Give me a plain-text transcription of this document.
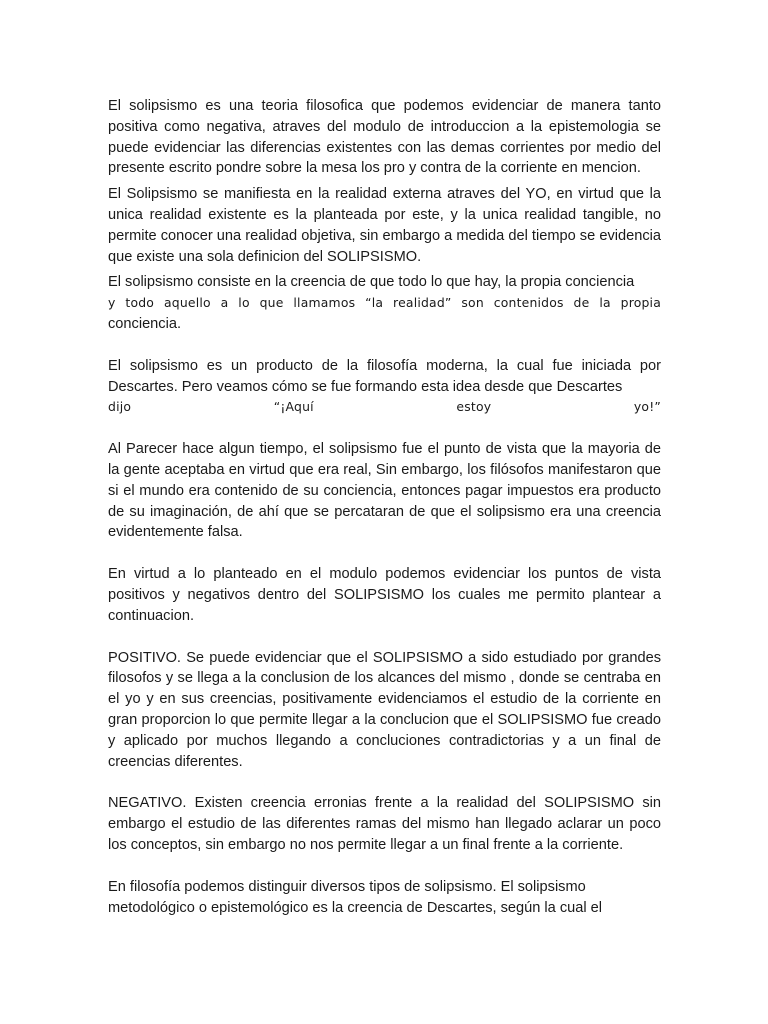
El solipsismo es una teoria filosofica que podemos evidenciar de manera tanto positiva como negativa, atraves del modulo de introduccion a la epistemologia se puede evidenciar las diferencias existentes con las demas corrientes por medio del presente escrito pondre sobre la mesa los pro y contra de la corriente en mencion.

El Solipsismo se manifiesta en la realidad externa atraves del YO, en virtud que la unica realidad existente es la planteada por este, y la unica realidad tangible, no permite conocer una realidad objetiva, sin embargo a medida del tiempo se evidencia que existe una sola definicion del SOLIPSISMO.

El solipsismo consiste en la creencia de que todo lo que hay, la propia conciencia

y todo aquello a lo que llamamos “la realidad” son contenidos de la propia

conciencia.

El solipsismo es un producto de la filosofía moderna, la cual fue iniciada por Descartes. Pero veamos cómo se fue formando esta idea desde que Descartes

dijo “¡Aquí estoy yo!”

Al Parecer hace algun tiempo, el solipsismo fue el punto de vista que la mayoria de la gente aceptaba en virtud que era real, Sin embargo, los filósofos manifestaron que si el mundo era contenido de su conciencia, entonces pagar impuestos era producto de su imaginación, de ahí que se percataran de que el solipsismo era una creencia evidentemente falsa.

En virtud a lo planteado en el modulo podemos evidenciar los puntos de vista positivos y negativos dentro del SOLIPSISMO los cuales me permito plantear a continuacion.

POSITIVO. Se puede evidenciar que el SOLIPSISMO a sido estudiado por grandes filosofos y se llega a la conclusion de los alcances del mismo , donde se centraba en el yo y en sus creencias, positivamente evidenciamos el estudio de la corriente en gran proporcion lo que permite llegar a la conclucion que el SOLIPSISMO fue creado y aplicado por muchos llegando a concluciones contradictorias y a un final de creencias diferentes.

NEGATIVO. Existen creencia erronias frente a la realidad del SOLIPSISMO sin embargo el estudio de las diferentes ramas del mismo han llegado aclarar un poco los conceptos, sin embargo no nos permite llegar a un final frente a la corriente.

En filosofía podemos distinguir diversos tipos de solipsismo. El solipsismo

metodológico o epistemológico es la creencia de Descartes, según la cual el
